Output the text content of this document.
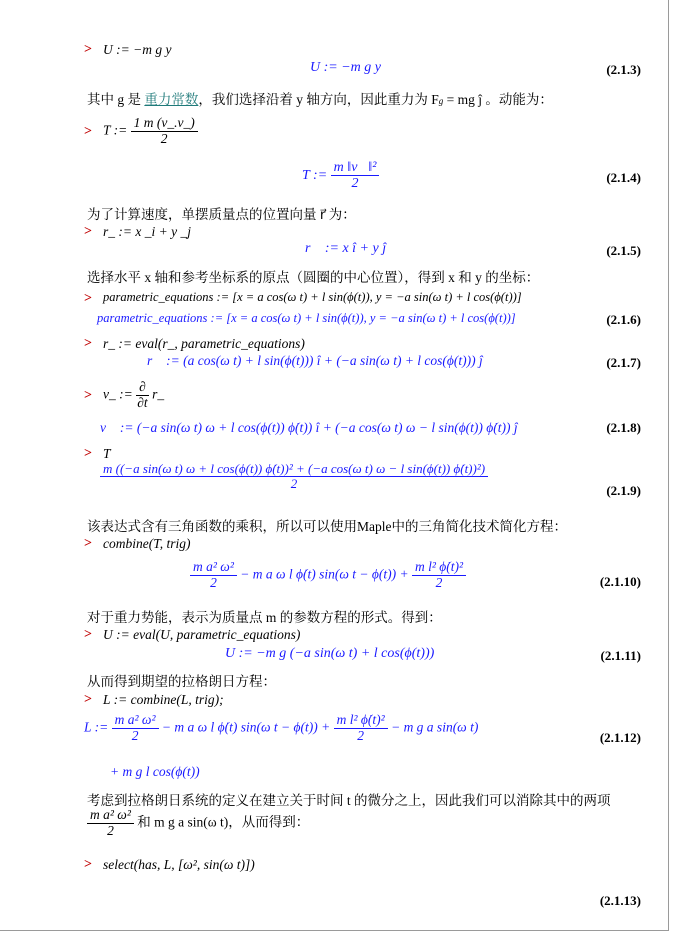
> U := −m g y
U := −m g y	(2.1.3)
其中 g 是 重力常数，我们选择沿着 y 轴方向，因此重力为 Fg = mg ĵ 。动能为：
> T := $\frac{1 m (v\_.v\_)}{2}$
T := $\frac{\text{m ‖v⃗‖²}}{2}$	(2.1.4)
为了计算速度，单摆质量点的位置向量 r⃗ 为：
> r_ := x _i + y _j
r⃗ := x î + y ĵ	(2.1.5)
选择水平 x 轴和参考坐标系的原点（圆圈的中心位置），得到 x 和 y 的坐标：
> parametric_equations := [x = a cos(ω t) + l sin(ϕ(t)), y = −a sin(ω t) + l cos(ϕ(t))]
parametric_equations := [x = a cos(ω t) + l sin(ϕ(t)), y = −a sin(ω t) + l cos(ϕ(t))]	(2.1.6)
> r_ := eval(r_, parametric_equations)
r⃗ := (a cos(ω t) + l sin(ϕ(t))) î + (−a sin(ω t) + l cos(ϕ(t))) ĵ	(2.1.7)
> v_ := $\frac{\partial}{\partial t}$ r_
v⃗ := (−a sin(ω t) ω + l cos(ϕ(t)) ϕ̇(t)) î + (−a cos(ω t) ω − l sin(ϕ(t)) ϕ̇(t)) ĵ	(2.1.8)
> T
m ((−a sin(ω t) ω + l cos(ϕ(t)) ϕ̇(t))² + (−a cos(ω t) ω − l sin(ϕ(t)) ϕ̇(t))²)
2	(2.1.9)
该表达式含有三角函数的乘积，所以可以使用Maple中的三角简化技术简化方程：
> combine(T, trig)
$\frac{\text{m a² ω²}}{2} - m$ a ω l ϕ̇(t) sin(ω $t - \phi(t)) + \frac{\text{m l² ϕ̇(t)²}}{2}$	(2.1.10)
对于重力势能，表示为质量点 m 的参数方程的形式。得到：
> U := eval(U, parametric_equations)
U := −m g (−a sin(ω t) + l cos(ϕ(t)))	(2.1.11)
从而得到期望的拉格朗日方程：
> L := combine(L, trig);
L := $\frac{\text{m a² ω²}}{2} - m$ a ω l ϕ̇(t) sin(ω $t - \phi(t)) + \frac{\text{m l² ϕ̇(t)²}}{2} - m$ g a sin(ω t)
(2.1.12)
+ m g l cos(ϕ(t))
考虑到拉格朗日系统的定义在建立关于时间 t 的微分之上，因此我们可以消除其中的两项
$\frac{\text{m a² ω²}}{2}$ 和 m g a sin(ω t)，从而得到：
> select(has, L, [ω², sin(ω t)])
(2.1.13)
